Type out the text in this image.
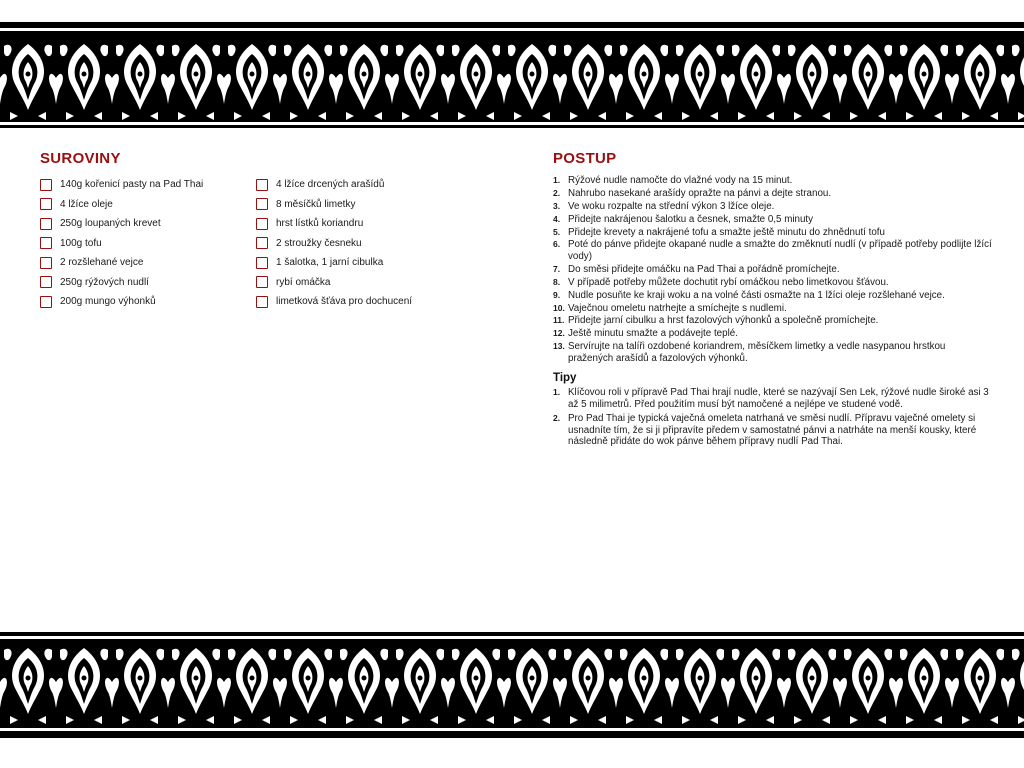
SUROVINY
140g kořenicí pasty na Pad Thai
4 lžíce oleje
250g loupaných krevet
100g tofu
2 rozšlehané vejce
250g rýžových nudlí
200g mungo výhonků
4 lžíce drcených arašídů
8 měsíčků limetky
hrst lístků koriandru
2 stroužky česneku
1 šalotka, 1 jarní cibulka
rybí omáčka
limetková šťáva pro dochucení
POSTUP
1. Rýžové nudle namočte do vlažné vody na 15 minut.
2. Nahrubo nasekané arašídy opražte na pánvi a dejte stranou.
3. Ve woku rozpalte na střední výkon 3 lžíce oleje.
4. Přidejte nakrájenou šalotku a česnek, smažte 0,5 minuty
5. Přidejte krevety a nakrájené tofu a smažte ještě minutu do zhnědnutí tofu
6. Poté do pánve přidejte okapané nudle a smažte do změknutí nudlí (v případě potřeby podlijte lžící vody)
7. Do směsi přidejte omáčku na Pad Thai a pořádně promíchejte.
8. V případě potřeby můžete dochutit rybí omáčkou nebo limetkovou šťávou.
9. Nudle posuňte ke kraji woku a na volné části osmažte na 1 lžíci oleje rozšlehané vejce.
10. Vaječnou omeletu natrhejte a smíchejte s nudlemi.
11. Přidejte jarní cibulku a hrst fazolových výhonků a společně promíchejte.
12. Ještě minutu smažte a podávejte teplé.
13. Servírujte na talíři ozdobené koriandrem, měsíčkem limetky a vedle nasypanou hrstkou pražených arašídů a fazolových výhonků.
Tipy
1. Klíčovou roli v přípravě Pad Thai hrají nudle, které se nazývají Sen Lek, rýžové nudle široké asi 3 až 5 milimetrů. Před použitím musí být namočené a nejlépe ve studené vodě.
2. Pro Pad Thai je typická vaječná omeleta natrhaná ve směsi nudlí. Přípravu vaječné omelety si usnadníte tím, že si ji připravíte předem v samostatné pánvi a natrháte na menší kousky, které následně přidáte do wok pánve během přípravy nudlí Pad Thai.
